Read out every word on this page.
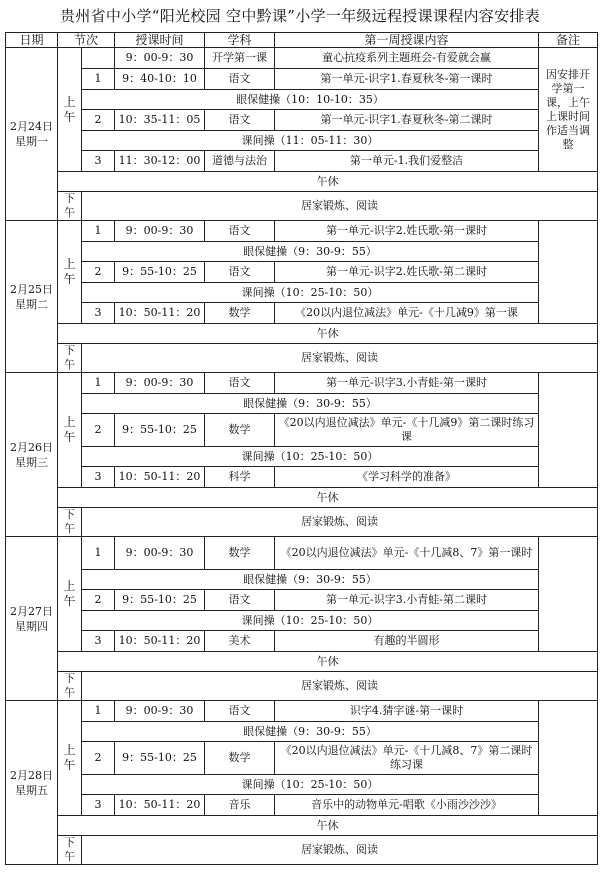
贵州省中小学“阳光校园 空中黔课”小学一年级远程授课课程内容安排表
日期	节次		授课时间	学科	第一周授课内容	备注
2月24日星期一	上午		9：00-9：30	开学第一课	童心抗疫系列主题班会-有爱就会赢	因安排开学第一课，上午上课时间作适当调整
		1	9：40-10：10	语文	第一单元-识字1.春夏秋冬-第一课时	
		眼保健操（10：10-10：35）				
		2	10：35-11：05	语文	第一单元-识字1.春夏秋冬-第二课时	
		课间操（11：05-11：30）				
		3	11：30-12：00	道德与法治	第一单元-1.我们爱整洁	
	午休					
	下午	居家锻炼、阅读				
2月25日星期二	上午	1	9：00-9：30	语文	第一单元-识字2.姓氏歌-第一课时	
		眼保健操（9：30-9：55）				
		2	9：55-10：25	语文	第一单元-识字2.姓氏歌-第二课时	
		课间操（10：25-10：50）				
		3	10：50-11：20	数学	《20以内退位减法》单元-《十几减9》第一课	
	午休					
	下午	居家锻炼、阅读				
2月26日星期三	上午	1	9：00-9：30	语文	第一单元-识字3.小青蛙-第一课时	
		眼保健操（9：30-9：55）				
		2	9：55-10：25	数学	《20以内退位减法》单元-《十几减9》第二课时练习课	
		课间操（10：25-10：50）				
		3	10：50-11：20	科学	《学习科学的准备》	
	午休					
	下午	居家锻炼、阅读				
2月27日星期四	上午	1	9：00-9：30	数学	《20以内退位减法》单元-《十几减8、7》第一课时	
		眼保健操（9：30-9：55）				
		2	9：55-10：25	语文	第一单元-识字3.小青蛙-第二课时	
		课间操（10：25-10：50）				
		3	10：50-11：20	美术	有趣的半圆形	
	午休					
	下午	居家锻炼、阅读				
2月28日星期五	上午	1	9：00-9：30	语文	识字4.猜字谜-第一课时	
		眼保健操（9：30-9：55）				
		2	9：55-10：25	数学	《20以内退位减法》单元-《十几减8、7》第二课时练习课	
		课间操（10：25-10：50）				
		3	10：50-11：20	音乐	音乐中的动物单元-唱歌《小雨沙沙沙》	
	午休					
	下午	居家锻炼、阅读				
